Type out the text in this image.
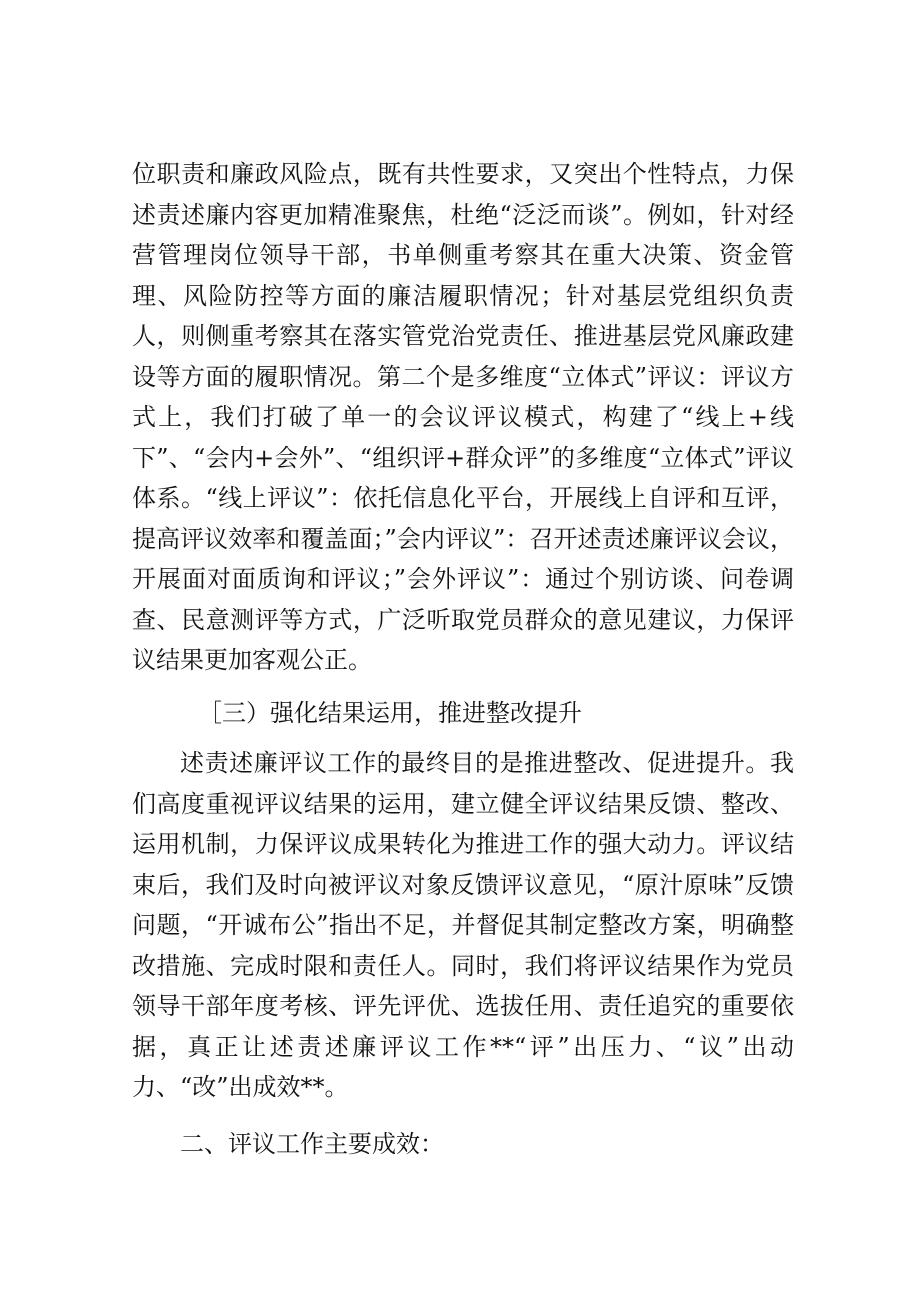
位职责和廉政风险点，既有共性要求，又突出个性特点，力保述责述廉内容更加精准聚焦，杜绝“泛泛而谈”。例如，针对经营管理岗位领导干部，书单侧重考察其在重大决策、资金管理、风险防控等方面的廉洁履职情况；针对基层党组织负责人，则侧重考察其在落实管党治党责任、推进基层党风廉政建设等方面的履职情况。第二个是多维度“立体式”评议：评议方式上，我们打破了单一的会议评议模式，构建了“线上+线下”、“会内+会外”、“组织评+群众评”的多维度“立体式”评议体系。“线上评议”：依托信息化平台，开展线上自评和互评，提高评议效率和覆盖面；”会内评议”：召开述责述廉评议会议，开展面对面质询和评议；”会外评议”：通过个别访谈、问卷调查、民意测评等方式，广泛听取党员群众的意见建议，力保评议结果更加客观公正。

［三）强化结果运用，推进整改提升

述责述廉评议工作的最终目的是推进整改、促进提升。我们高度重视评议结果的运用，建立健全评议结果反馈、整改、运用机制，力保评议成果转化为推进工作的强大动力。评议结束后，我们及时向被评议对象反馈评议意见，“原汁原味”反馈问题，“开诚布公”指出不足，并督促其制定整改方案，明确整改措施、完成时限和责任人。同时，我们将评议结果作为党员领导干部年度考核、评先评优、选拔任用、责任追究的重要依据，真正让述责述廉评议工作**“评”出压力、“议”出动力、“改”出成效**。

二、评议工作主要成效：
